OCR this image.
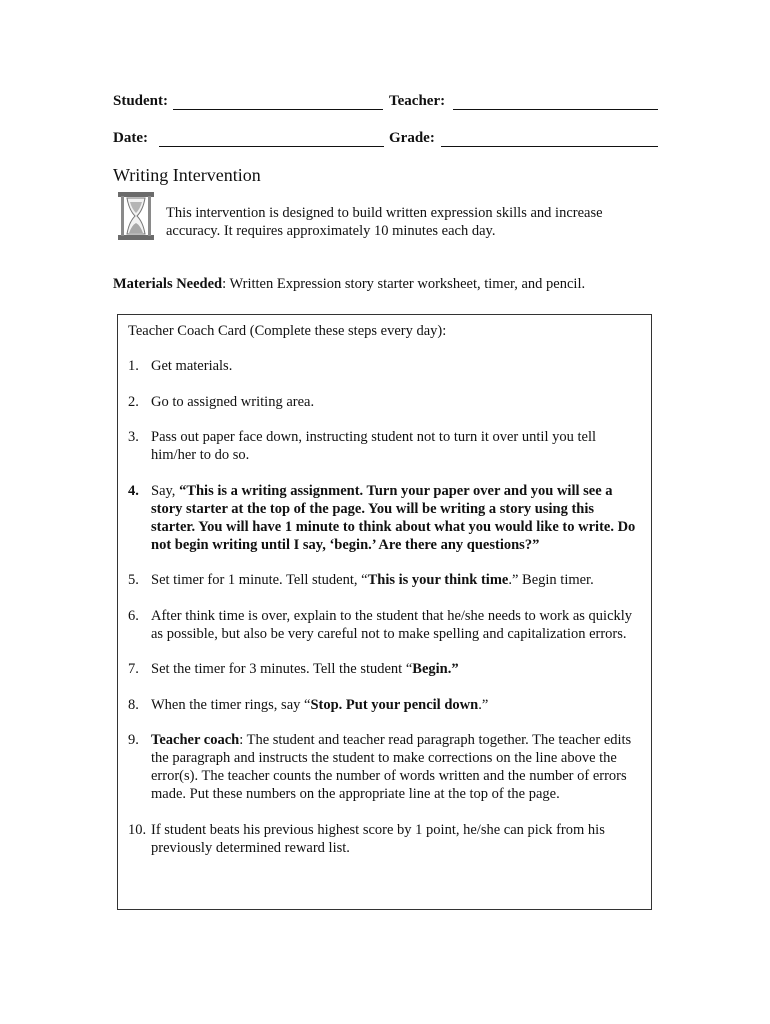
Student:	Teacher:
Date:	Grade:
Writing Intervention
This intervention is designed to build written expression skills and increase accuracy. It requires approximately 10 minutes each day.
Materials Needed: Written Expression story starter worksheet, timer, and pencil.
Teacher Coach Card (Complete these steps every day):
1. Get materials.
2. Go to assigned writing area.
3. Pass out paper face down, instructing student not to turn it over until you tell him/her to do so.
4. Say, “This is a writing assignment. Turn your paper over and you will see a story starter at the top of the page. You will be writing a story using this starter. You will have 1 minute to think about what you would like to write. Do not begin writing until I say, ‘begin.’ Are there any questions?”
5. Set timer for 1 minute. Tell student, “This is your think time.” Begin timer.
6. After think time is over, explain to the student that he/she needs to work as quickly as possible, but also be very careful not to make spelling and capitalization errors.
7. Set the timer for 3 minutes. Tell the student “Begin.”
8. When the timer rings, say “Stop. Put your pencil down.”
9. Teacher coach: The student and teacher read paragraph together. The teacher edits the paragraph and instructs the student to make corrections on the line above the error(s). The teacher counts the number of words written and the number of errors made. Put these numbers on the appropriate line at the top of the page.
10. If student beats his previous highest score by 1 point, he/she can pick from his previously determined reward list.
